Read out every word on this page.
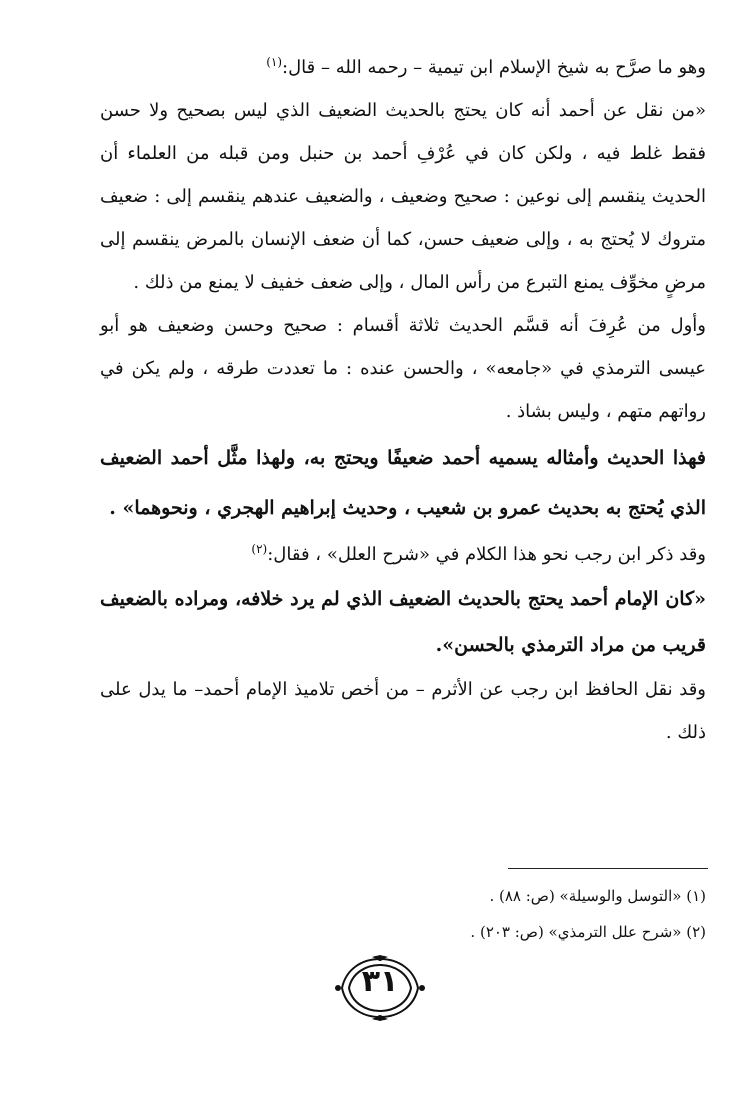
وهو ما صرَّح به شيخ الإسلام ابن تيمية – رحمه الله – قال:$^{(١)}$

«من نقل عن أحمد أنه كان يحتج بالحديث الضعيف الذي ليس بصحيح ولا حسن فقط غلط فيه ، ولكن كان في عُرْفِ أحمد بن حنبل ومن قبله من العلماء أن الحديث ينقسم إلى نوعين : صحيح وضعيف ، والضعيف عندهم ينقسم إلى : ضعيف متروك لا يُحتج به ، وإلى ضعيف حسن، كما أن ضعف الإنسان بالمرض ينقسم إلى مرضٍ مخوِّف يمنع التبرع من رأس المال ، وإلى ضعف خفيف لا يمنع من ذلك .

وأول من عُرِفَ أنه قسَّم الحديث ثلاثة أقسام : صحيح وحسن وضعيف هو أبو عيسى الترمذي في «جامعه» ، والحسن عنده : ما تعددت طرقه ، ولم يكن في رواتهم متهم ، وليس بشاذ .

فهذا الحديث وأمثاله يسميه أحمد ضعيفًا ويحتج به، ولهذا مثَّل أحمد الضعيف الذي يُحتج به بحديث عمرو بن شعيب ، وحديث إبراهيم الهجري ، ونحوهما» .

وقد ذكر ابن رجب نحو هذا الكلام في «شرح العلل» ، فقال:$^{(٢)}$

«كان الإمام أحمد يحتج بالحديث الضعيف الذي لم يرد خلافه، ومراده بالضعيف قريب من مراد الترمذي بالحسن».

وقد نقل الحافظ ابن رجب عن الأثرم – من أخص تلاميذ الإمام أحمد– ما يدل على ذلك .

(١) «التوسل والوسيلة» (ص: ٨٨) .
(٢) «شرح علل الترمذي» (ص: ٢٠٣) .
٣١
